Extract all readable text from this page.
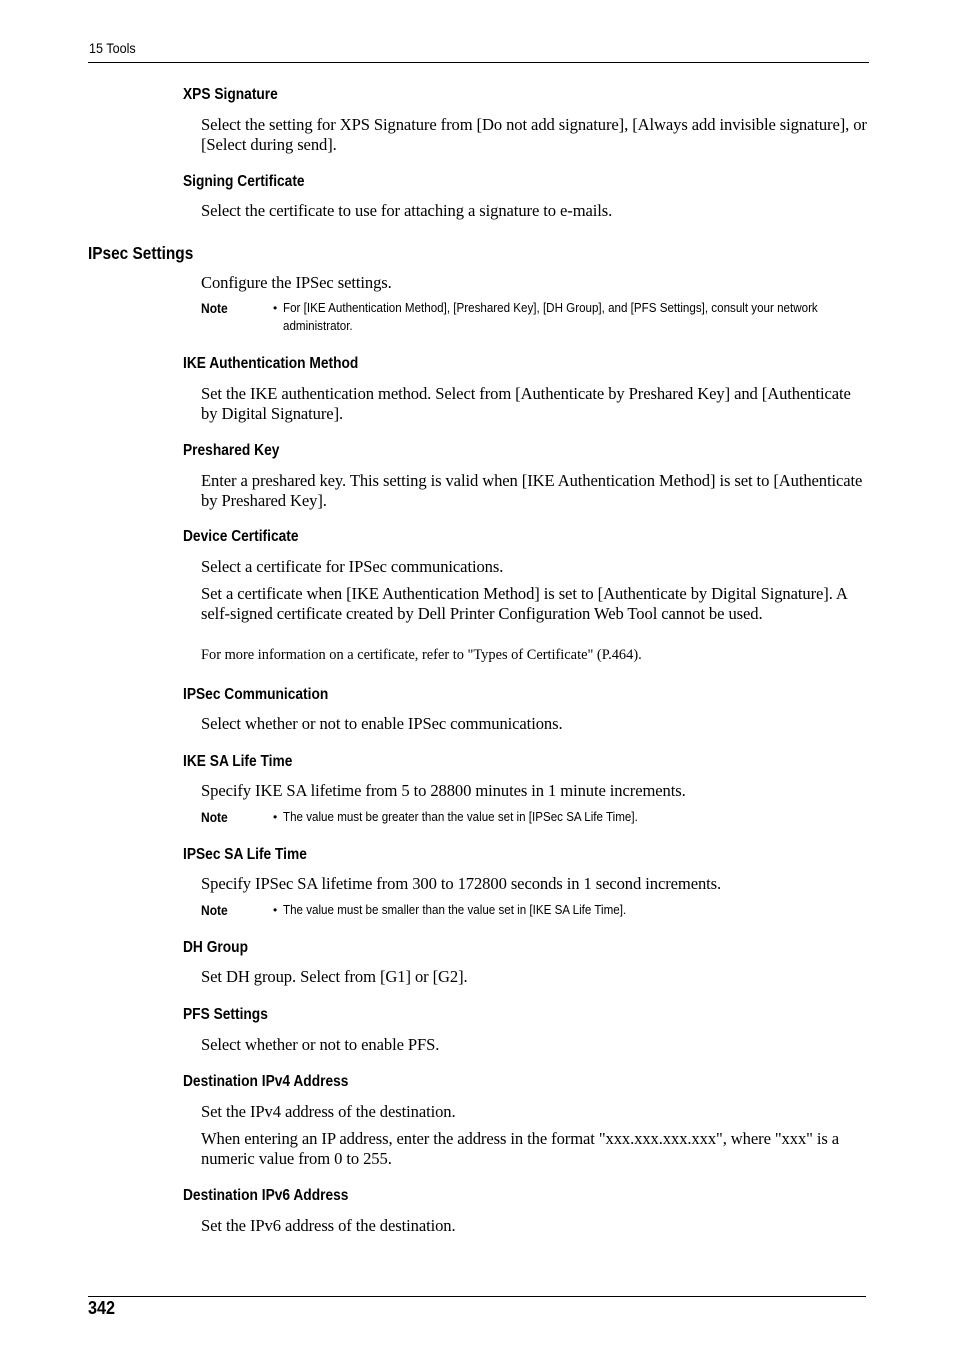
15 Tools
XPS Signature
Select the setting for XPS Signature from [Do not add signature], [Always add invisible signature], or [Select during send].
Signing Certificate
Select the certificate to use for attaching a signature to e-mails.
IPsec Settings
Configure the IPSec settings.
Note	• For [IKE Authentication Method], [Preshared Key], [DH Group], and [PFS Settings], consult your network administrator.
IKE Authentication Method
Set the IKE authentication method. Select from [Authenticate by Preshared Key] and [Authenticate by Digital Signature].
Preshared Key
Enter a preshared key. This setting is valid when [IKE Authentication Method] is set to [Authenticate by Preshared Key].
Device Certificate
Select a certificate for IPSec communications.
Set a certificate when [IKE Authentication Method] is set to [Authenticate by Digital Signature]. A self-signed certificate created by Dell Printer Configuration Web Tool cannot be used.
For more information on a certificate, refer to "Types of Certificate" (P.464).
IPSec Communication
Select whether or not to enable IPSec communications.
IKE SA Life Time
Specify IKE SA lifetime from 5 to 28800 minutes in 1 minute increments.
Note	• The value must be greater than the value set in [IPSec SA Life Time].
IPSec SA Life Time
Specify IPSec SA lifetime from 300 to 172800 seconds in 1 second increments.
Note	• The value must be smaller than the value set in [IKE SA Life Time].
DH Group
Set DH group. Select from [G1] or [G2].
PFS Settings
Select whether or not to enable PFS.
Destination IPv4 Address
Set the IPv4 address of the destination.
When entering an IP address, enter the address in the format "xxx.xxx.xxx.xxx", where "xxx" is a numeric value from 0 to 255.
Destination IPv6 Address
Set the IPv6 address of the destination.
342
